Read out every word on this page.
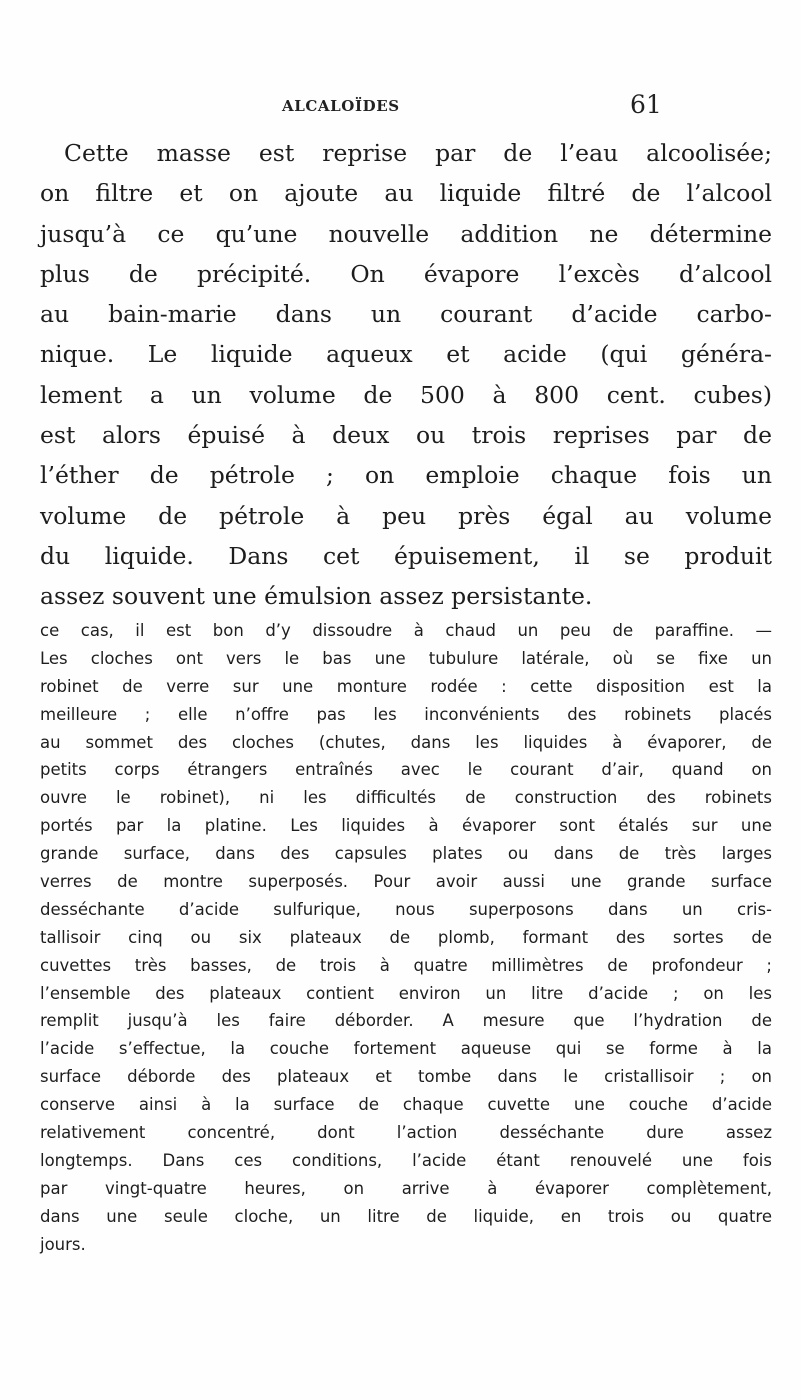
ALCALOÏDES	61
Cette masse est reprise par de l’eau alcoolisée;
on filtre et on ajoute au liquide filtré de l’alcool
jusqu’à ce qu’une nouvelle addition ne détermine
plus de précipité. On évapore l’excès d’alcool
au bain-marie dans un courant d’acide carbo-
nique. Le liquide aqueux et acide (qui généra-
lement a un volume de 500 à 800 cent. cubes)
est alors épuisé à deux ou trois reprises par de
l’éther de pétrole ; on emploie chaque fois un
volume de pétrole à peu près égal au volume
du liquide. Dans cet épuisement, il se produit
assez souvent une émulsion assez persistante.
ce cas, il est bon d’y dissoudre à chaud un peu de paraffine. —
Les cloches ont vers le bas une tubulure latérale, où se fixe un
robinet de verre sur une monture rodée : cette disposition est la
meilleure ; elle n’offre pas les inconvénients des robinets placés
au sommet des cloches (chutes, dans les liquides à évaporer, de
petits corps étrangers entraînés avec le courant d’air, quand on
ouvre le robinet), ni les difficultés de construction des robinets
portés par la platine. Les liquides à évaporer sont étalés sur une
grande surface, dans des capsules plates ou dans de très larges
verres de montre superposés. Pour avoir aussi une grande surface
desséchante d’acide sulfurique, nous superposons dans un cris-
tallisoir cinq ou six plateaux de plomb, formant des sortes de
cuvettes très basses, de trois à quatre millimètres de profondeur ;
l’ensemble des plateaux contient environ un litre d’acide ; on les
remplit jusqu’à les faire déborder. A mesure que l’hydration de
l’acide s’effectue, la couche fortement aqueuse qui se forme à la
surface déborde des plateaux et tombe dans le cristallisoir ; on
conserve ainsi à la surface de chaque cuvette une couche d’acide
relativement concentré, dont l’action desséchante dure assez
longtemps. Dans ces conditions, l’acide étant renouvelé une fois
par vingt-quatre heures, on arrive à évaporer complètement,
dans une seule cloche, un litre de liquide, en trois ou quatre
jours.
